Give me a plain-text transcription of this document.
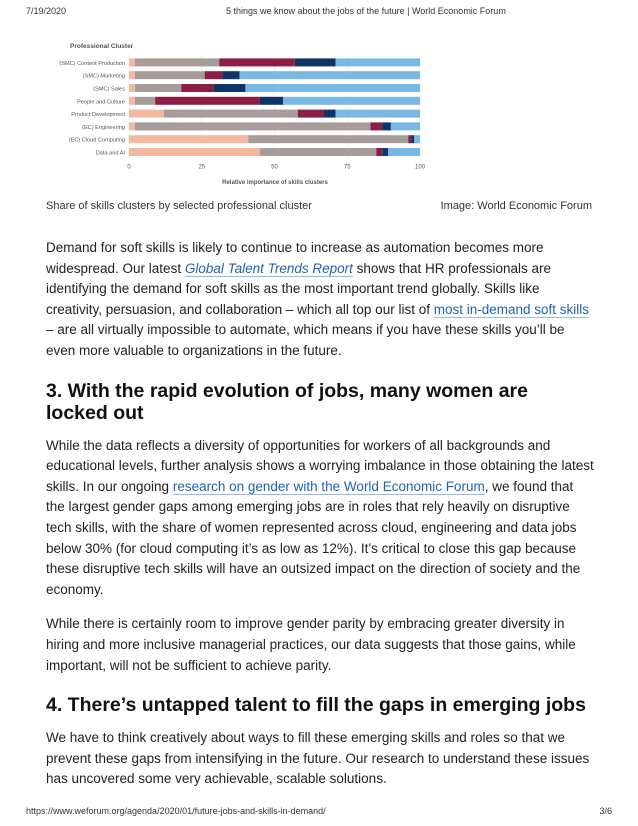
7/19/2020	5 things we know about the jobs of the future | World Economic Forum
Professional Cluster
Relative importance of skills clusters
0	25	50	75	100
(SMC) Content Production
(SMC) Marketing
(SMC) Sales
People and Culture
Product Development
(EC) Engineering
(EC) Cloud Computing
Data and AI
Share of skills clusters by selected professional cluster	Image: World Economic Forum

Demand for soft skills is likely to continue to increase as automation becomes more widespread. Our latest Global Talent Trends Report shows that HR professionals are identifying the demand for soft skills as the most important trend globally. Skills like creativity, persuasion, and collaboration – which all top our list of most in-demand soft skills – are all virtually impossible to automate, which means if you have these skills you’ll be even more valuable to organizations in the future.

3. With the rapid evolution of jobs, many women are locked out

While the data reflects a diversity of opportunities for workers of all backgrounds and educational levels, further analysis shows a worrying imbalance in those obtaining the latest skills. In our ongoing research on gender with the World Economic Forum, we found that the largest gender gaps among emerging jobs are in roles that rely heavily on disruptive tech skills, with the share of women represented across cloud, engineering and data jobs below 30% (for cloud computing it’s as low as 12%). It’s critical to close this gap because these disruptive tech skills will have an outsized impact on the direction of society and the economy.

While there is certainly room to improve gender parity by embracing greater diversity in hiring and more inclusive managerial practices, our data suggests that those gains, while important, will not be sufficient to achieve parity.

4. There’s untapped talent to fill the gaps in emerging jobs

We have to think creatively about ways to fill these emerging skills and roles so that we prevent these gaps from intensifying in the future. Our research to understand these issues has uncovered some very achievable, scalable solutions.

https://www.weforum.org/agenda/2020/01/future-jobs-and-skills-in-demand/	3/6
